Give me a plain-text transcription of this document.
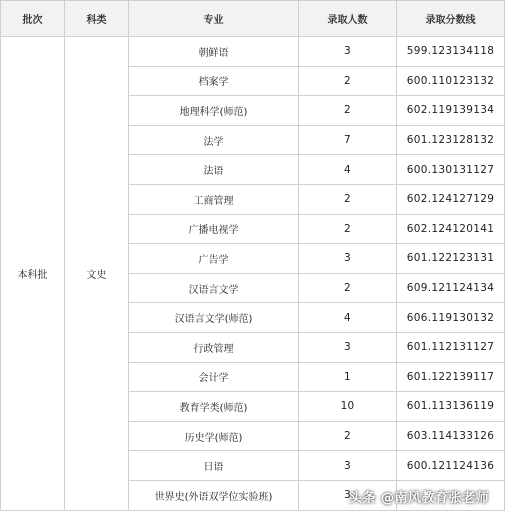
批次	科类	专业	录取人数	录取分数线
本科批	文史	朝鲜语	3	599.123134118
		档案学	2	600.110123132
		地理科学(师范)	2	602.119139134
		法学	7	601.123128132
		法语	4	600.130131127
		工商管理	2	602.124127129
		广播电视学	2	602.124120141
		广告学	3	601.122123131
		汉语言文学	2	609.121124134
		汉语言文学(师范)	4	606.119130132
		行政管理	3	601.112131127
		会计学	1	601.122139117
		教育学类(师范)	10	601.113136119
		历史学(师范)	2	603.114133126
		日语	3	600.121124136
		世界史(外语双学位实验班)	3	
头条 @南风教育张老师
